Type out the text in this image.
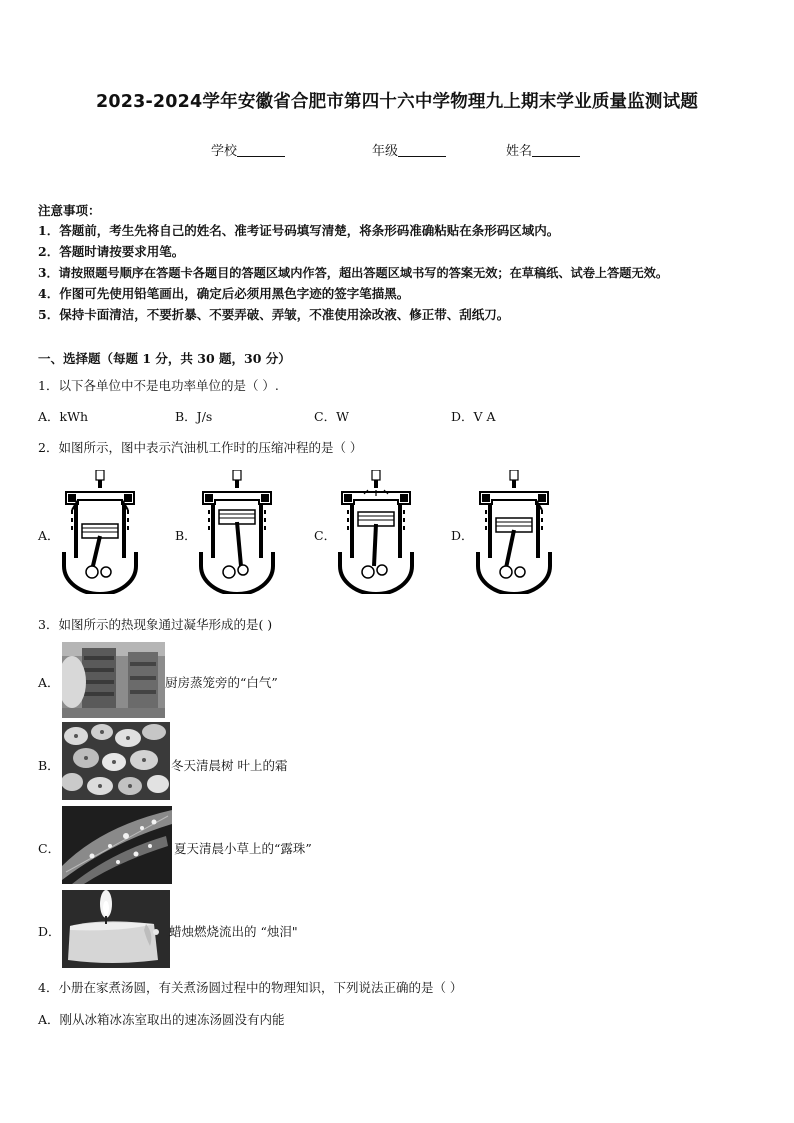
2023-2024学年安徽省合肥市第四十六中学物理九上期末学业质量监测试题
学校	年级	姓名
注意事项：
1．答题前，考生先将自己的姓名、准考证号码填写清楚，将条形码准确粘贴在条形码区域内。
2．答题时请按要求用笔。
3．请按照题号顺序在答题卡各题目的答题区域内作答，超出答题区域书写的答案无效；在草稿纸、试卷上答题无效。
4．作图可先使用铅笔画出，确定后必须用黑色字迹的签字笔描黑。
5．保持卡面清洁，不要折暴、不要弄破、弄皱，不准使用涂改液、修正带、刮纸刀。
一、选择题（每题 1 分，共 30 题，30 分）
1．以下各单位中不是电功率单位的是（ ）.
A．kWh	B．J/s	C．W	D．V A
2．如图所示，图中表示汽油机工作时的压缩冲程的是（ ）
A．	B．	C．	D．
3．如图所示的热现象通过凝华形成的是( )
A．	厨房蒸笼旁的“白气”
B．	冬天清晨树 叶上的霜
C．	夏天清晨小草上的“露珠”
D．	蜡烛燃烧流出的 “烛泪"
4．小册在家煮汤圆，有关煮汤圆过程中的物理知识，下列说法正确的是（ ）
A．刚从冰箱冰冻室取出的速冻汤圆没有内能
